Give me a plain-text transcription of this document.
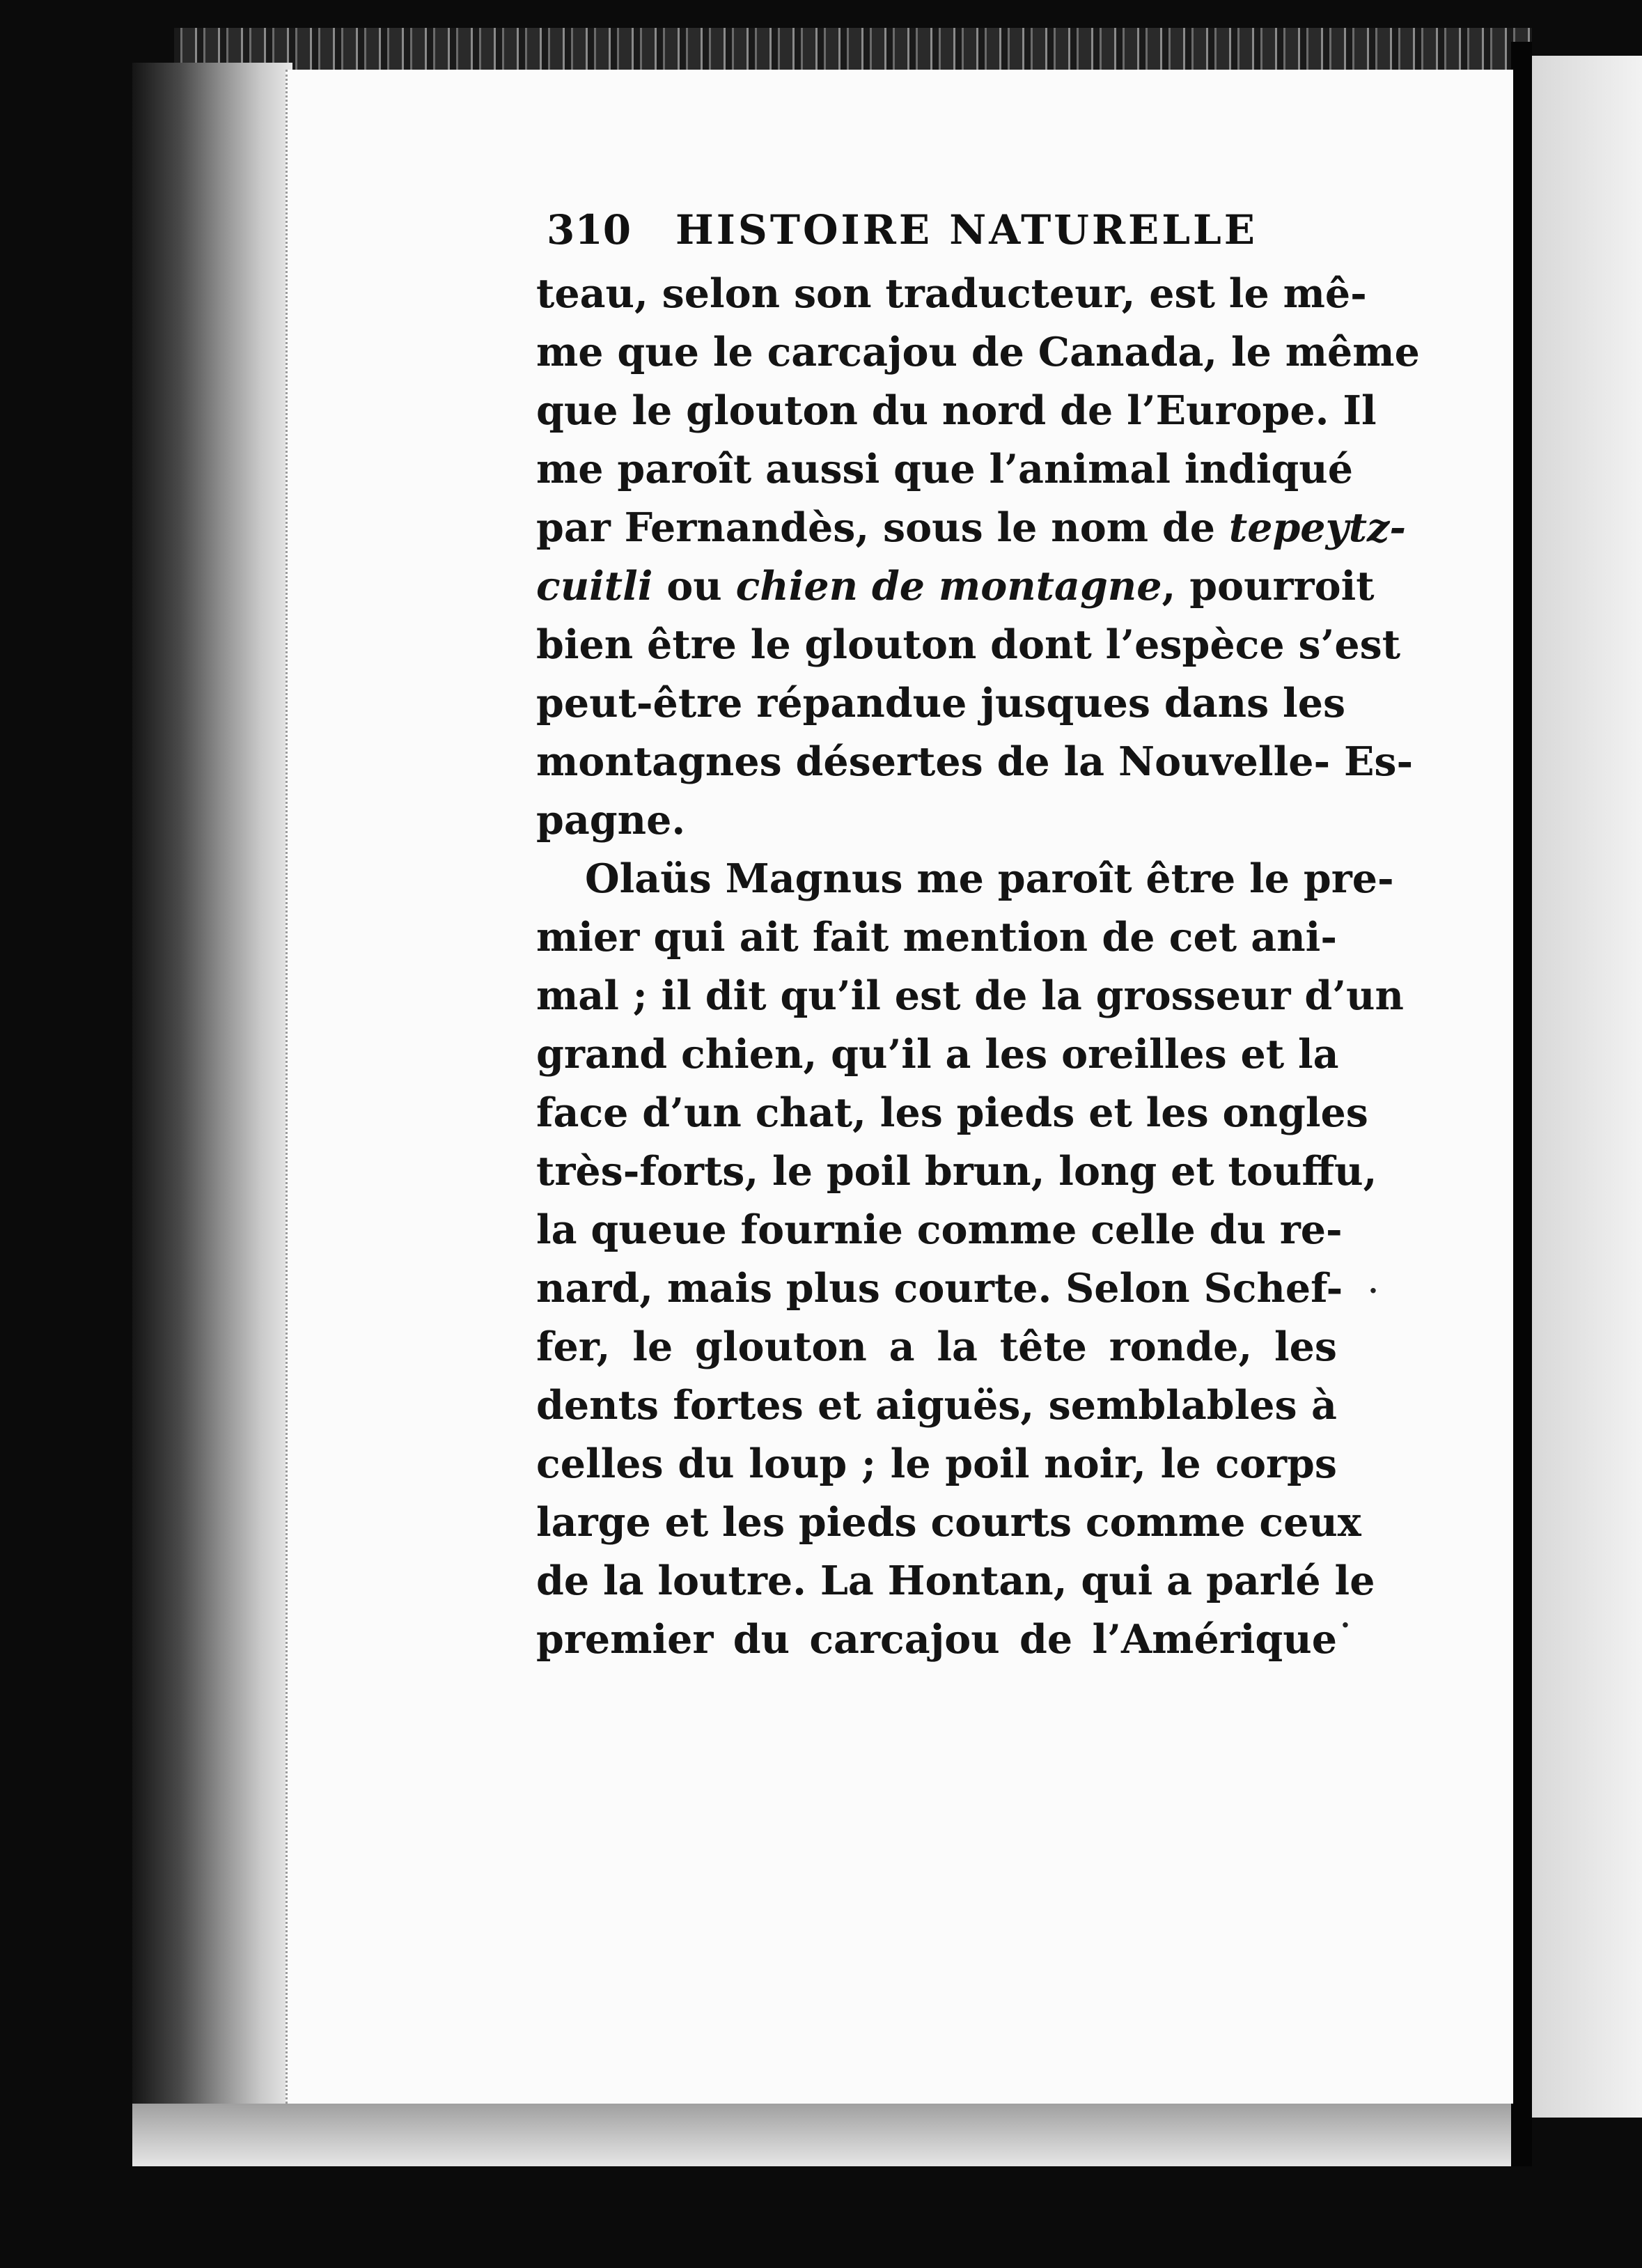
310 HISTOIRE NATURELLE
teau, selon son traducteur, est le mê-
me que le carcajou de Canada, le même
que le glouton du nord de l’Europe. Il
me paroît aussi que l’animal indiqué
par Fernandès, sous le nom de tepeytz-
cuitli ou chien de montagne, pourroit
bien être le glouton dont l’espèce s’est
peut-être répandue jusques dans les
montagnes désertes de la Nouvelle- Es-
pagne.
Olaüs Magnus me paroît être le pre-
mier qui ait fait mention de cet ani-
mal ; il dit qu’il est de la grosseur d’un
grand chien, qu’il a les oreilles et la
face d’un chat, les pieds et les ongles
très-forts, le poil brun, long et touffu,
la queue fournie comme celle du re-
nard, mais plus courte. Selon Schef-
fer, le glouton a la tête ronde, les
dents fortes et aiguës, semblables à
celles du loup ; le poil noir, le corps
large et les pieds courts comme ceux
de la loutre. La Hontan, qui a parlé le
premier du carcajou de l’Amérique
·
·
